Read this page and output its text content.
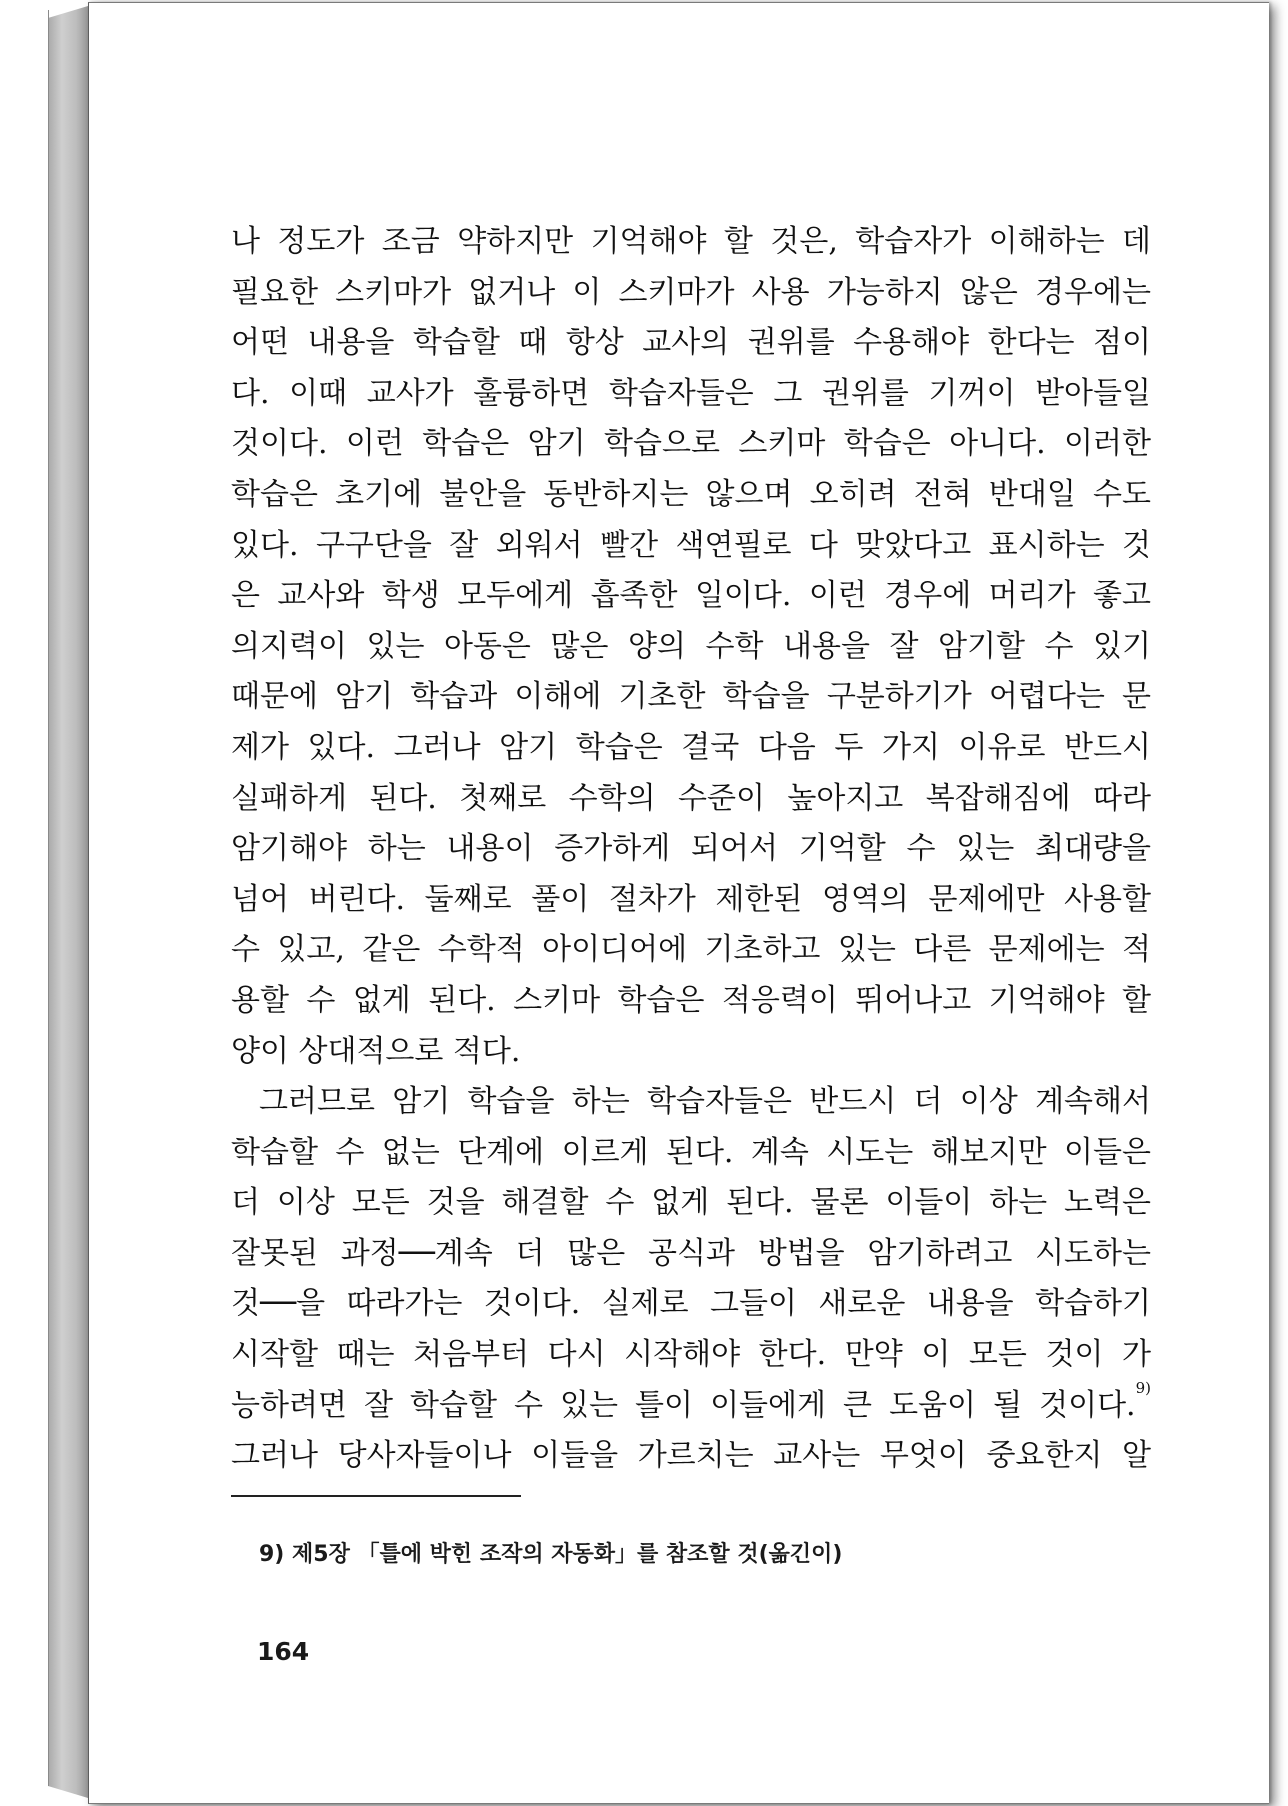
나 정도가 조금 약하지만 기억해야 할 것은, 학습자가 이해하는 데
필요한 스키마가 없거나 이 스키마가 사용 가능하지 않은 경우에는
어떤 내용을 학습할 때 항상 교사의 권위를 수용해야 한다는 점이
다. 이때 교사가 훌륭하면 학습자들은 그 권위를 기꺼이 받아들일
것이다. 이런 학습은 암기 학습으로 스키마 학습은 아니다. 이러한
학습은 초기에 불안을 동반하지는 않으며 오히려 전혀 반대일 수도
있다. 구구단을 잘 외워서 빨간 색연필로 다 맞았다고 표시하는 것
은 교사와 학생 모두에게 흡족한 일이다. 이런 경우에 머리가 좋고
의지력이 있는 아동은 많은 양의 수학 내용을 잘 암기할 수 있기
때문에 암기 학습과 이해에 기초한 학습을 구분하기가 어렵다는 문
제가 있다. 그러나 암기 학습은 결국 다음 두 가지 이유로 반드시
실패하게 된다. 첫째로 수학의 수준이 높아지고 복잡해짐에 따라
암기해야 하는 내용이 증가하게 되어서 기억할 수 있는 최대량을
넘어 버린다. 둘째로 풀이 절차가 제한된 영역의 문제에만 사용할
수 있고, 같은 수학적 아이디어에 기초하고 있는 다른 문제에는 적
용할 수 없게 된다. 스키마 학습은 적응력이 뛰어나고 기억해야 할
양이 상대적으로 적다.
그러므로 암기 학습을 하는 학습자들은 반드시 더 이상 계속해서
학습할 수 없는 단계에 이르게 된다. 계속 시도는 해보지만 이들은
더 이상 모든 것을 해결할 수 없게 된다. 물론 이들이 하는 노력은
잘못된 과정──계속 더 많은 공식과 방법을 암기하려고 시도하는
것──을 따라가는 것이다. 실제로 그들이 새로운 내용을 학습하기
시작할 때는 처음부터 다시 시작해야 한다. 만약 이 모든 것이 가
능하려면 잘 학습할 수 있는 틀이 이들에게 큰 도움이 될 것이다.$^{9)}$
그러나 당사자들이나 이들을 가르치는 교사는 무엇이 중요한지 알
9) 제5장 「틀에 박힌 조작의 자동화」를 참조할 것(옮긴이)
164
